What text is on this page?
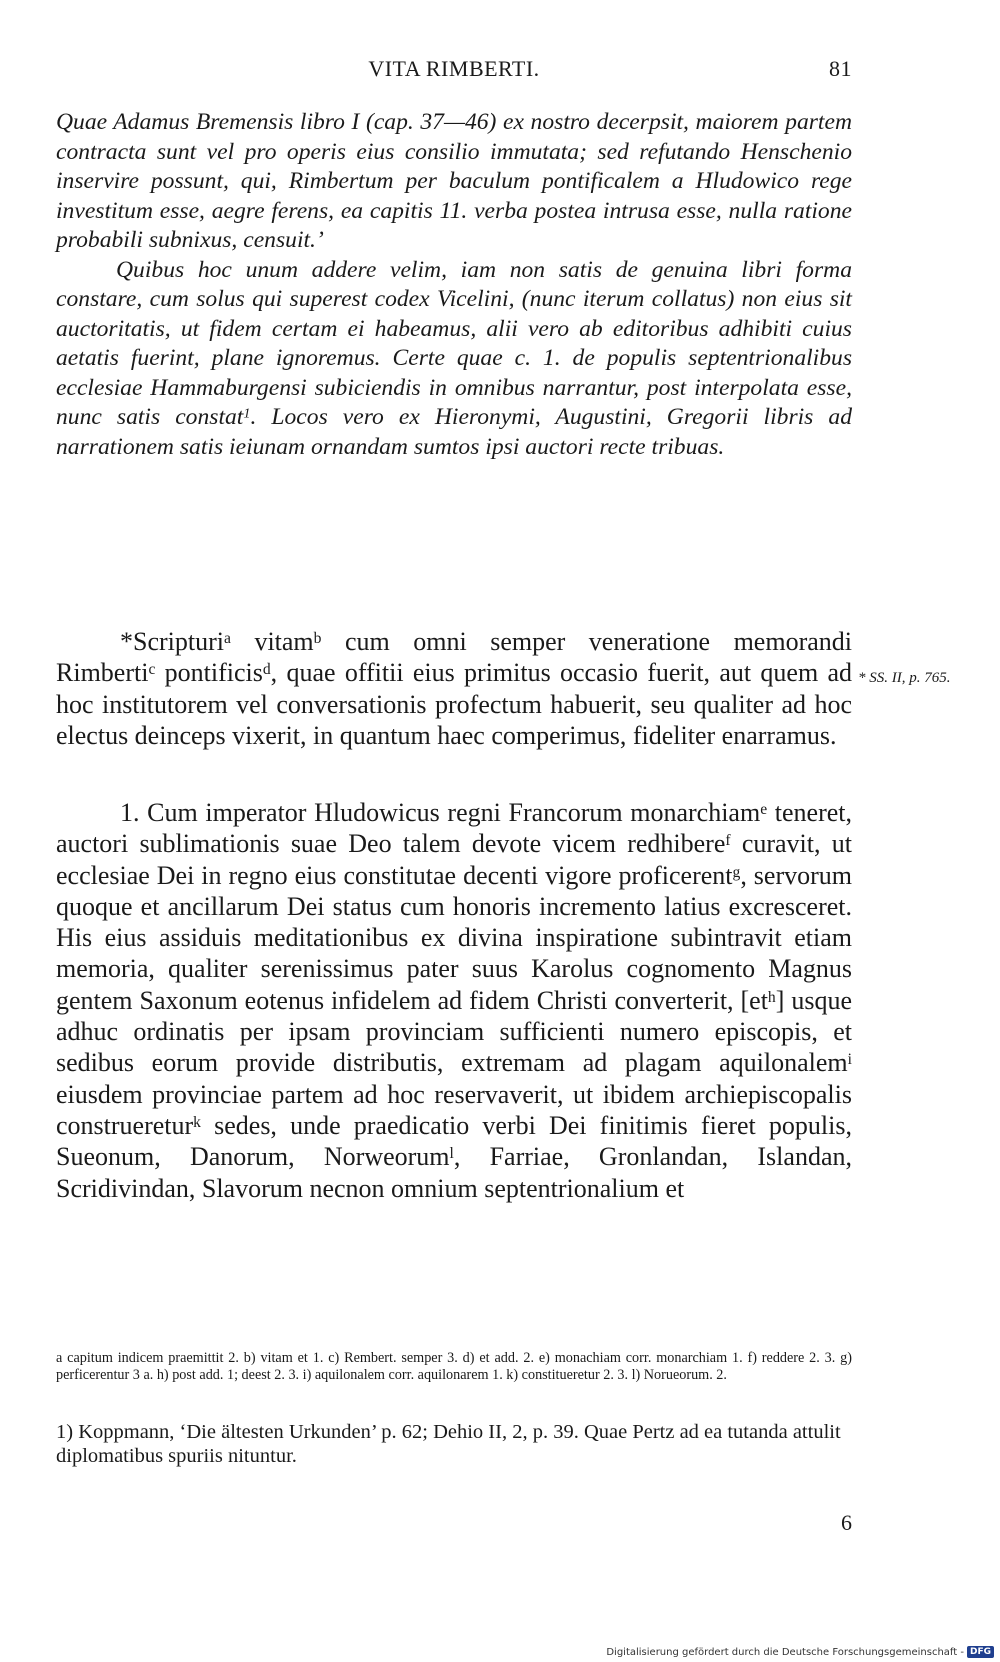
VITA RIMBERTI.	81

Quae Adamus Bremensis libro I (cap. 37—46) ex nostro decerpsit, maiorem partem contracta sunt vel pro operis eius consilio immutata; sed refutando Henschenio inservire possunt, qui, Rimbertum per baculum pontificalem a Hludowico rege investitum esse, aegre ferens, ea capitis 11. verba postea intrusa esse, nulla ratione probabili subnixus, censuit.’

Quibus hoc unum addere velim, iam non satis de genuina libri forma constare, cum solus qui superest codex Vicelini, (nunc iterum collatus) non eius sit auctoritatis, ut fidem certam ei habeamus, alii vero ab editoribus adhibiti cuius aetatis fuerint, plane ignoremus. Certe quae c. 1. de populis septentrionalibus ecclesiae Hammaburgensi subiciendis in omnibus narrantur, post interpolata esse, nunc satis constat$^1$. Locos vero ex Hieronymi, Augustini, Gregorii libris ad narrationem satis ieiunam ornandam sumtos ipsi auctori recte tribuas.

*Scripturi$^a$ vitam$^b$ cum omni semper veneratione memorandi Rimberti$^c$ pontificis$^d$, quae offitii eius primitus occasio fuerit, aut quem ad hoc institutorem vel conversationis profectum habuerit, seu qualiter ad hoc electus deinceps vixerit, in quantum haec comperimus, fideliter enarramus.

* SS. II, p. 765.

1. Cum imperator Hludowicus regni Francorum monarchiam$^e$ teneret, auctori sublimationis suae Deo talem devote vicem redhibere$^f$ curavit, ut ecclesiae Dei in regno eius constitutae decenti vigore proficerent$^g$, servorum quoque et ancillarum Dei status cum honoris incremento latius excresceret. His eius assiduis meditationibus ex divina inspiratione subintravit etiam memoria, qualiter serenissimus pater suus Karolus cognomento Magnus gentem Saxonum eotenus infidelem ad fidem Christi converterit, $[et^h]$ usque adhuc ordinatis per ipsam provinciam sufficienti numero episcopis, et sedibus eorum provide distributis, extremam ad plagam aquilonalem$^i$ eiusdem provinciae partem ad hoc reservaverit, ut ibidem archiepiscopalis construeretur$^k$ sedes, unde praedicatio verbi Dei finitimis fieret populis, Sueonum, Danorum, Norweorum$^l$, Farriae, Gronlandan, Islandan, Scridivindan, Slavorum necnon omnium septentrionalium et

a capitum indicem praemittit 2. b) vitam et 1. c) Rembert. semper 3. d) et add. 2. e) monachiam corr. monarchiam 1. f) reddere 2. 3. g) perficerentur 3 a. h) post add. 1; deest 2. 3. i) aquilonalem corr. aquilonarem 1. k) constitueretur 2. 3. l) Norueorum. 2.

1) Koppmann, ‘Die ältesten Urkunden’ p. 62; Dehio II, 2, p. 39. Quae Pertz ad ea tutanda attulit diplomatibus spuriis nituntur.

6
Digitalisierung gefördert durch die Deutsche Forschungsgemeinschaft - DFG
